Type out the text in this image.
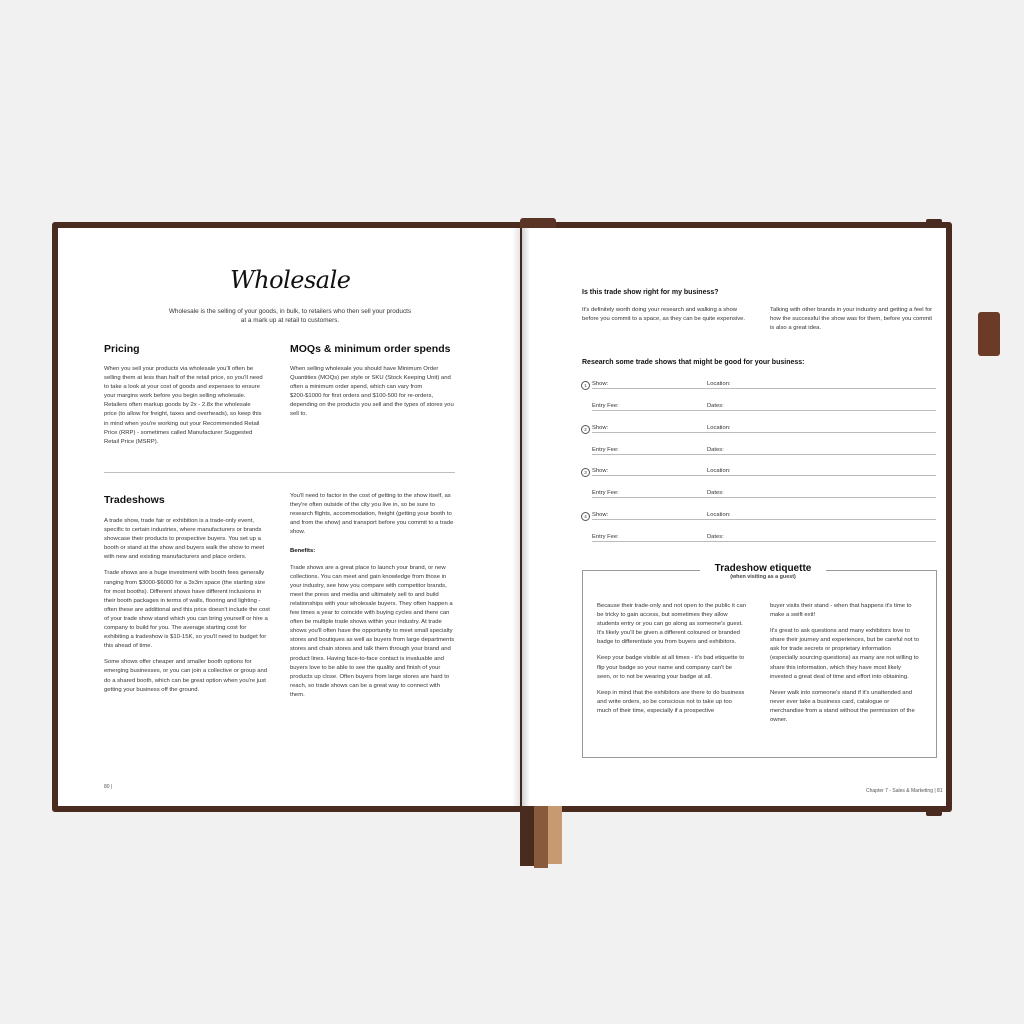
Wholesale
Wholesale is the selling of your goods, in bulk, to retailers who then sell your products
at a mark up at retail to customers.
Pricing
When you sell your products via wholesale you'll often be selling them at less than half of the retail price, so you'll need to take a look at your cost of goods and expenses to ensure your margins work before you begin selling wholesale. Retailers often markup goods by 2x - 2.8x the wholesale price (to allow for freight, taxes and overheads), so keep this in mind when you're working out your Recommended Retail Price (RRP) - sometimes called Manufacturer Suggested Retail Price (MSRP).
MOQs & minimum order spends
When selling wholesale you should have Minimum Order Quantities (MOQs) per style or SKU (Stock Keeping Unit) and often a minimum order spend, which can vary from $200-$1000 for first orders and $100-500 for re-orders, depending on the products you sell and the types of stores you sell to.
Tradeshows

A trade show, trade fair or exhibition is a trade-only event, specific to certain industries, where manufacturers or brands showcase their products to prospective buyers. You set up a booth or stand at the show and buyers walk the show to meet with new and existing manufacturers and place orders.

Trade shows are a huge investment with booth fees generally ranging from $3000-$6000 for a 3x3m space (the starting size for most booths). Different shows have different inclusions in their booth packages in terms of walls, flooring and lighting - often these are additional and this price doesn't include the cost of your trade show stand which you can bring yourself or hire a company to build for you. The average starting cost for exhibiting a tradeshow is $10-15K, so you'll need to budget for this ahead of time.

Some shows offer cheaper and smaller booth options for emerging businesses, or you can join a collective or group and do a shared booth, which can be great option when you're just getting your business off the ground.

You'll need to factor in the cost of getting to the show itself, as they're often outside of the city you live in, so be sure to research flights, accommodation, freight (getting your booth to and from the show) and transport before you commit to a trade show.

Benefits:

Trade shows are a great place to launch your brand, or new collections. You can meet and gain knowledge from those in your industry, see how you compare with competitor brands, meet the press and media and ultimately sell to and build relationships with your wholesale buyers. They often happen a few times a year to coincide with buying cycles and there can often be multiple trade shows within your industry. At trade shows you'll often have the opportunity to meet small specialty stores and boutiques as well as buyers from large departments stores and chain stores and talk them through your brand and product lines. Having face-to-face contact is invaluable and buyers love to be able to see the quality and finish of your products up close. Often buyers from large stores are hard to reach, so trade shows can be a great way to connect with them.

80 |
Is this trade show right for my business?
It's definitely worth doing your research and walking a show before you commit to a space, as they can be quite expensive.
Talking with other brands in your industry and getting a feel for how the successful the show was for them, before you commit is also a great idea.
Research some trade shows that might be good for your business:
1 Show:	Location:
Entry Fee:	Dates:
2 Show:	Location:
Entry Fee:	Dates:
3 Show:	Location:
Entry Fee:	Dates:
4 Show:	Location:
Entry Fee:	Dates:
Tradeshow etiquette
(when visiting as a guest)

Because their trade-only and not open to the public it can be tricky to gain access, but sometimes they allow students entry or you can go along as someone's guest. It's likely you'll be given a different coloured or branded badge to differentiate you from buyers and exhibitors.

Keep your badge visible at all times - it's bad etiquette to flip your badge so your name and company can't be seen, or to not be wearing your badge at all.

Keep in mind that the exhibitors are there to do business and write orders, so be conscious not to take up too much of their time, especially if a prospective

buyer visits their stand - when that happens it's time to make a swift exit!

It's great to ask questions and many exhibitors love to share their journey and experiences, but be careful not to ask for trade secrets or proprietary information (especially sourcing questions) as many are not willing to share this information, which they have most likely invested a great deal of time and effort into obtaining.

Never walk into someone's stand if it's unattended and never ever take a business card, catalogue or merchandise from a stand without the permission of the owner.

Chapter 7 - Sales & Marketing | 81
